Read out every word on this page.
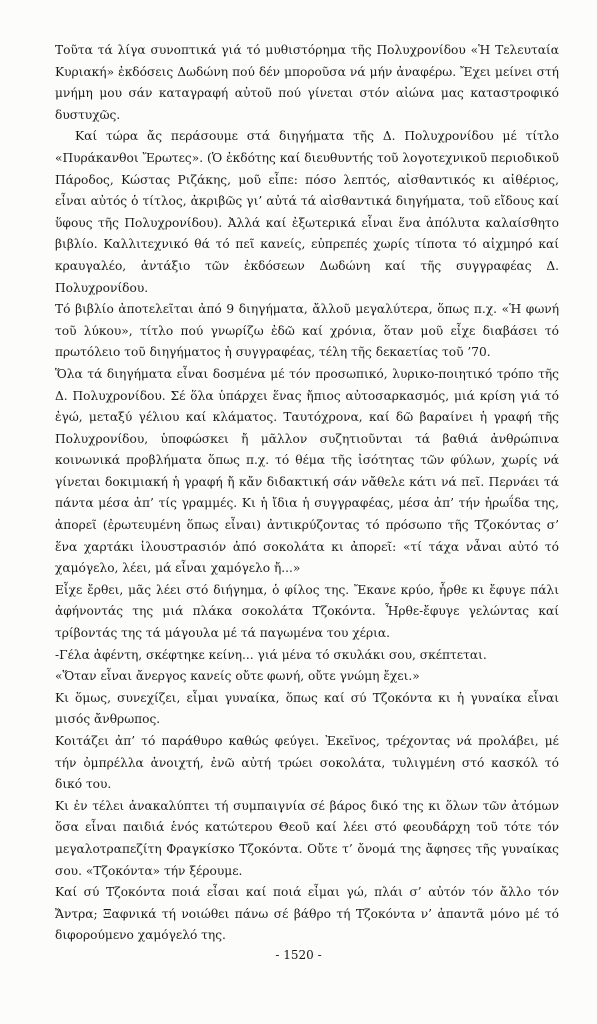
Τοῦτα τά λίγα συνοπτικά γιά τό μυθιστόρημα τῆς Πολυχρονίδου «Ἡ Τελευταία Κυριακή» ἐκδόσεις Δωδώνη πού δέν μποροῦσα νά μήν ἀναφέρω. Ἔχει μείνει στή μνήμη μου σάν καταγραφή αὐτοῦ πού γίνεται στόν αἰώνα μας καταστροφικό δυστυχῶς.

Καί τώρα ἄς περάσουμε στά διηγήματα τῆς Δ. Πολυχρονίδου μέ τίτλο «Πυράκανθοι Ἔρωτες». (Ὁ ἐκδότης καί διευθυντής τοῦ λογοτεχνικοῦ περιοδικοῦ Πάροδος, Κώστας Ριζάκης, μοῦ εἶπε: πόσο λεπτός, αἰσθαντικός κι αἰθέριος, εἶναι αὐτός ὁ τίτλος, ἀκριβῶς γι’ αὐτά τά αἰσθαντικά διηγήματα, τοῦ εἴδους καί ὕφους τῆς Πολυχρονίδου). Ἀλλά καί ἐξωτερικά εἶναι ἕνα ἀπόλυτα καλαίσθητο βιβλίο. Καλλιτεχνικό θά τό πεῖ κανείς, εὐπρεπές χωρίς τίποτα τό αἰχμηρό καί κραυγαλέο, ἀντάξιο τῶν ἐκδόσεων Δωδώνη καί τῆς συγγραφέας Δ. Πολυχρονίδου.

Τό βιβλίο ἀποτελεῖται ἀπό 9 διηγήματα, ἄλλοῦ μεγαλύτερα, ὅπως π.χ. «Ἡ φωνή τοῦ λύκου», τίτλο πού γνωρίζω ἐδῶ καί χρόνια, ὅταν μοῦ εἶχε διαβάσει τό πρωτόλειο τοῦ διηγήματος ἡ συγγραφέας, τέλη τῆς δεκαετίας τοῦ ’70.

Ὅλα τά διηγήματα εἶναι δοσμένα μέ τόν προσωπικό, λυρικο-ποιητικό τρόπο τῆς Δ. Πολυχρονίδου. Σέ ὅλα ὑπάρχει ἕνας ἤπιος αὐτοσαρκασμός, μιά κρίση γιά τό ἐγώ, μεταξύ γέλιου καί κλάματος. Ταυτόχρονα, καί δῶ βαραίνει ἡ γραφή τῆς Πολυχρονίδου, ὑποφώσκει ἤ μᾶλλον συζητιοῦνται τά βαθιά ἀνθρώπινα κοινωνικά προβλήματα ὅπως π.χ. τό θέμα τῆς ἰσότητας τῶν φύλων, χωρίς νά γίνεται δοκιμιακή ἡ γραφή ἤ κἄν διδακτική σάν νἄθελε κάτι νά πεῖ. Περνάει τά πάντα μέσα ἀπ’ τίς γραμμές. Κι ἡ ἴδια ἡ συγγραφέας, μέσα ἀπ’ τήν ἡρωΐδα της, ἀπορεῖ (ἐρωτευμένη ὅπως εἶναι) ἀντικρύζοντας τό πρόσωπο τῆς Τζοκόντας σ’ ἕνα χαρτάκι ἱλουστρασιόν ἀπό σοκολάτα κι ἀπορεῖ: «τί τάχα νἆναι αὐτό τό χαμόγελο, λέει, μά εἶναι χαμόγελο ἤ...»

Εἶχε ἔρθει, μᾶς λέει στό διήγημα, ὁ φίλος της. Ἔκανε κρύο, ἦρθε κι ἔφυγε πάλι ἀφήνοντάς της μιά πλάκα σοκολάτα Τζοκόντα. Ἦρθε-ἔφυγε γελώντας καί τρίβοντάς της τά μάγουλα μέ τά παγωμένα του χέρια.

-Γέλα ἀφέντη, σκέφτηκε κείνη... γιά μένα τό σκυλάκι σου, σκέπτεται.

«Ὅταν εἶναι ἄνεργος κανείς οὔτε φωνή, οὔτε γνώμη ἔχει.»

Κι ὅμως, συνεχίζει, εἶμαι γυναίκα, ὅπως καί σύ Τζοκόντα κι ἡ γυναίκα εἶναι μισός ἄνθρωπος.

Κοιτάζει ἀπ’ τό παράθυρο καθώς φεύγει. Ἐκεῖνος, τρέχοντας νά προλάβει, μέ τήν ὀμπρέλλα ἀνοιχτή, ἐνῶ αὐτή τρώει σοκολάτα, τυλιγμένη στό κασκόλ τό δικό του.

Κι ἐν τέλει ἀνακαλύπτει τή συμπαιγνία σέ βάρος δικό της κι ὅλων τῶν ἀτόμων ὅσα εἶναι παιδιά ἑνός κατώτερου Θεοῦ καί λέει στό φεουδάρχη τοῦ τότε τόν μεγαλοτραπεζίτη Φραγκίσκο Τζοκόντα. Οὔτε τ’ ὄνομά της ἄφησες τῆς γυναίκας σου. «Τζοκόντα» τήν ξέρουμε.

Καί σύ Τζοκόντα ποιά εἶσαι καί ποιά εἶμαι γώ, πλάι σ’ αὐτόν τόν ἄλλο τόν Ἄντρα; Ξαφνικά τή νοιώθει πάνω σέ βάθρο τή Τζοκόντα ν’ ἀπαντᾶ μόνο μέ τό διφορούμενο χαμόγελό της.

- 1520 -
